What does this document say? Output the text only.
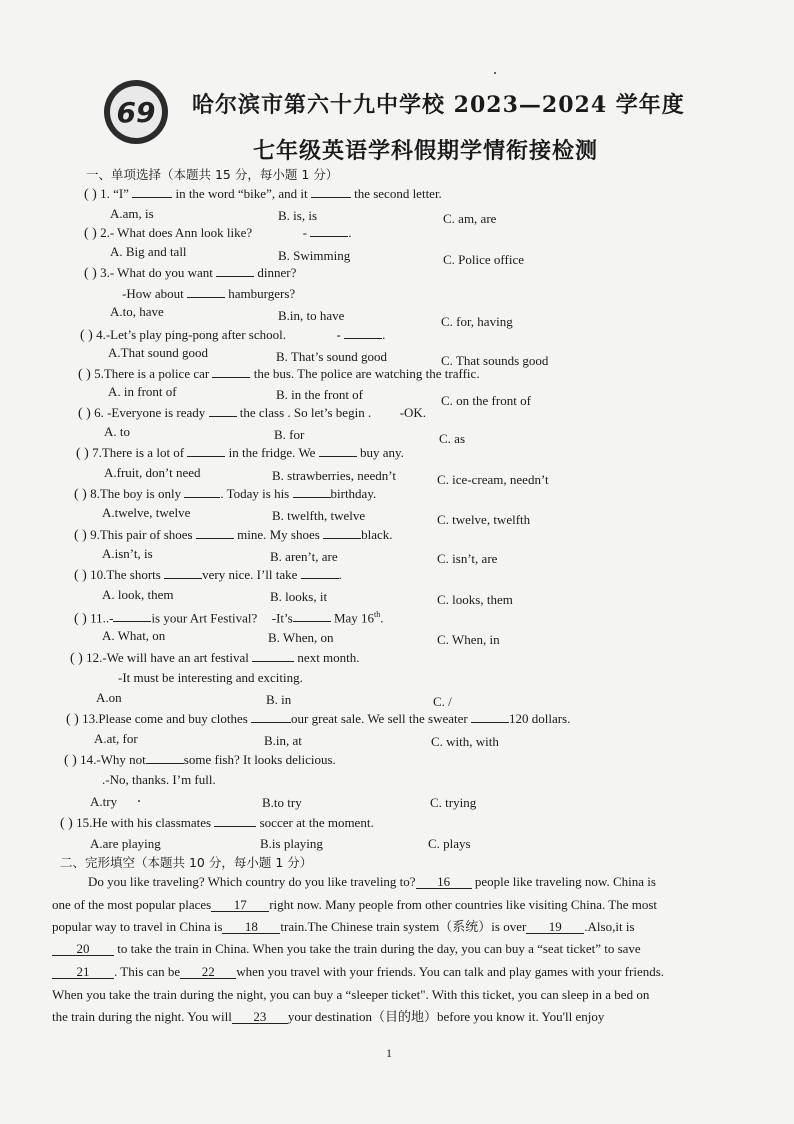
69 哈尔滨市第六十九中学校 2023—2024 学年度
七年级英语学科假期学情衔接检测
一、单项选择（本题共 15 分，每小题 1 分）
( ) 1. “I”	in the word “bike”, and it	the second letter.
A.am, is	B. is, is	C. am, are
( ) 2.- What does Ann look like?	-	.
A. Big and tall	B. Swimming	C. Police office
( ) 3.- What do you want	dinner?
-How about	hamburgers?
A.to, have	B.in, to have	C. for, having
( ) 4.-Let’s play ping-pong after school.	-	.
A.That sound good	B. That’s sound good	C. That sounds good
( ) 5.There is a police car	the bus. The police are watching the traffic.
A. in front of	B. in the front of	C. on the front of
( ) 6. -Everyone is ready	the class . So let’s begin . -OK.
A. to	B. for	C. as
( ) 7.There is a lot of	in the fridge. We	buy any.
A.fruit, don’t need	B. strawberries, needn’t	C. ice-cream, needn’t
( ) 8.The boy is only	. Today is his	birthday.
A.twelve, twelve	B. twelfth, twelve	C. twelve, twelfth
( ) 9.This pair of shoes	mine. My shoes	black.
A.isn’t, is	B. aren’t, are	C. isn’t, are
( ) 10.The shorts	very nice. I’ll take	.
A. look, them	B. looks, it	C. looks, them
( ) 11..-	is your Art Festival? -It’s	May 16th.
A. What, on	B. When, on	C. When, in
( ) 12.-We will have an art festival	next month.
-It must be interesting and exciting.
A.on	B. in	C. /
( ) 13.Please come and buy clothes	our great sale. We sell the sweater	120 dollars.
A.at, for	B.in, at	C. with, with
( ) 14.-Why not	some fish? It looks delicious.
.-No, thanks. I’m full.
A.try	B.to try	C. trying
( ) 15.He with his classmates	soccer at the moment.
A.are playing	B.is playing	C. plays
二、完形填空（本题共 10 分，每小题 1 分）
Do you like traveling? Which country do you like traveling to? 16 people like traveling now. China is
one of the most popular places 17 right now. Many people from other countries like visiting China. The most
popular way to travel in China is 18 train.The Chinese train system（系统）is over 19 .Also,it is
20 to take the train in China. When you take the train during the day, you can buy a “seat ticket” to save
21 . This can be 22 when you travel with your friends. You can talk and play games with your friends.
When you take the train during the night, you can buy a “sleeper ticket". With this ticket, you can sleep in a bed on
the train during the night. You will 23 your destination（目的地）before you know it. You'll enjoy
1
